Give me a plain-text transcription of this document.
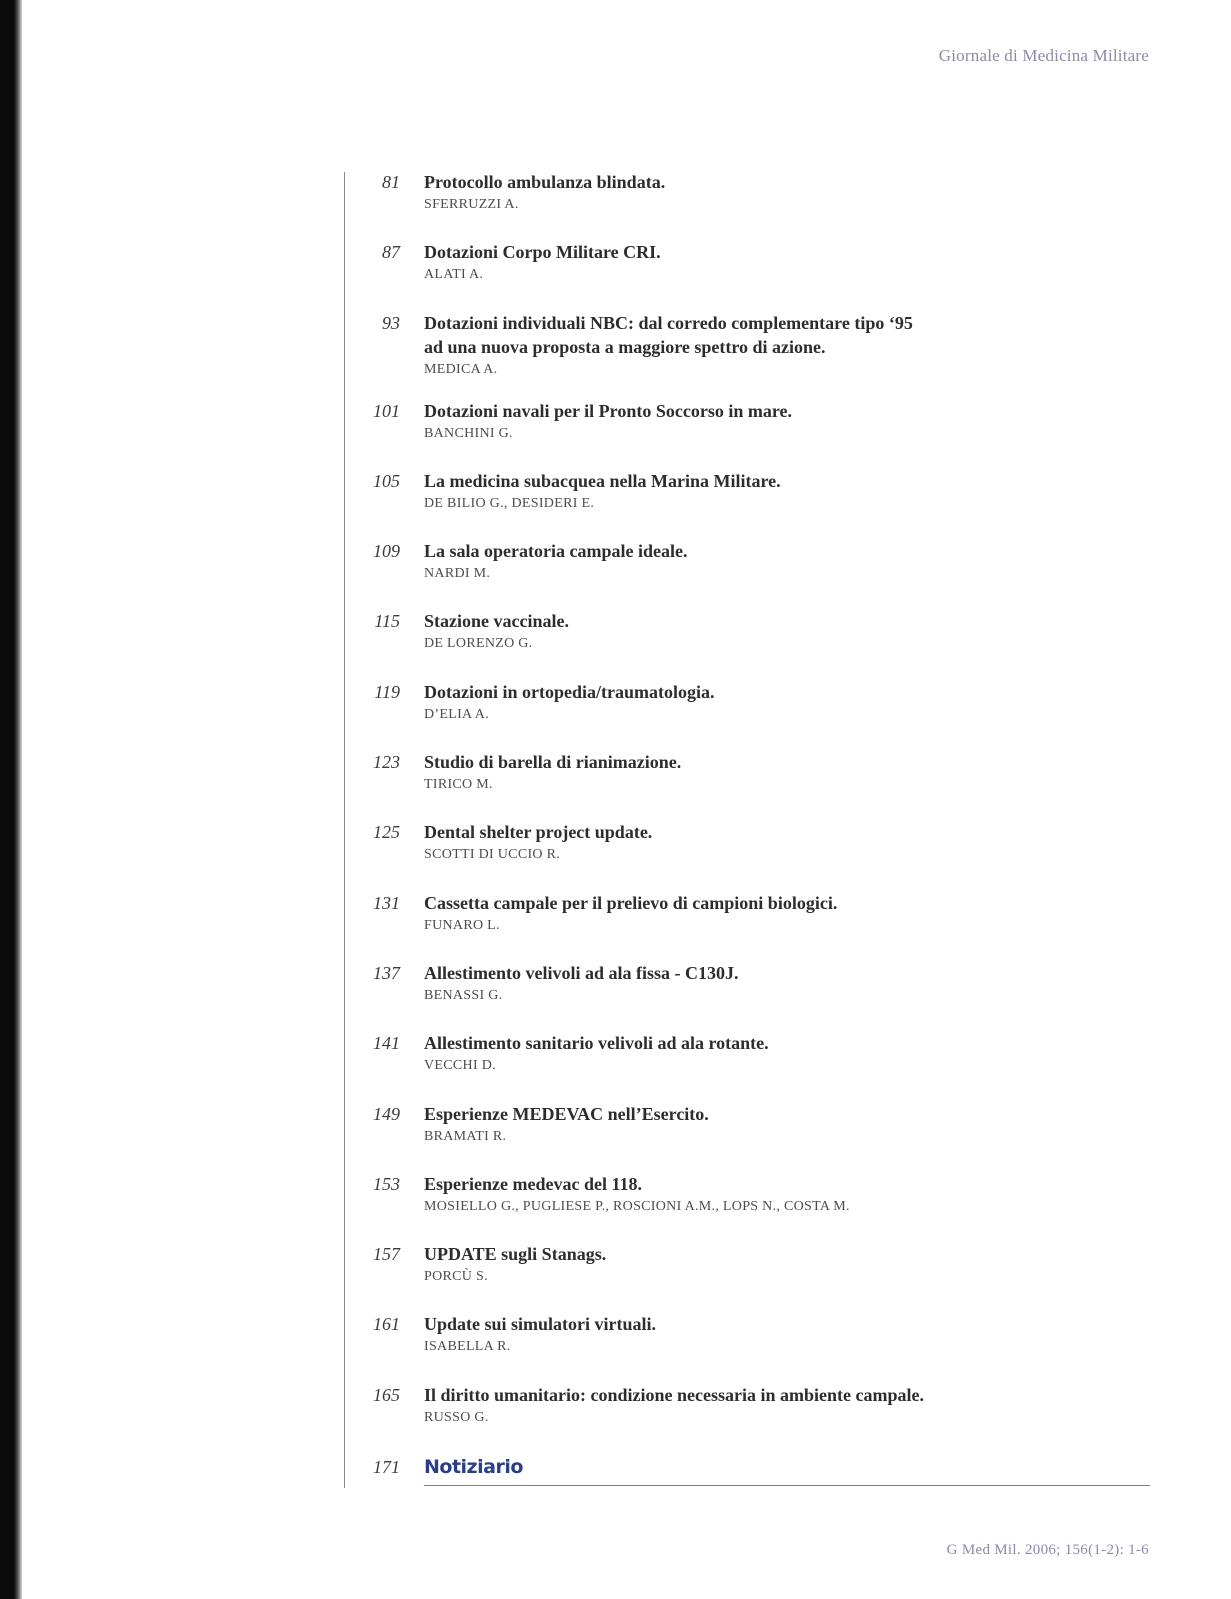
Giornale di Medicina Militare
81 Protocollo ambulanza blindata.
SFERRUZZI A.
87 Dotazioni Corpo Militare CRI.
ALATI A.
93 Dotazioni individuali NBC: dal corredo complementare tipo ‘95
ad una nuova proposta a maggiore spettro di azione.
MEDICA A.
101 Dotazioni navali per il Pronto Soccorso in mare.
BANCHINI G.
105 La medicina subacquea nella Marina Militare.
DE BILIO G., DESIDERI E.
109 La sala operatoria campale ideale.
NARDI M.
115 Stazione vaccinale.
DE LORENZO G.
119 Dotazioni in ortopedia/traumatologia.
D’ELIA A.
123 Studio di barella di rianimazione.
TIRICO M.
125 Dental shelter project update.
SCOTTI DI UCCIO R.
131 Cassetta campale per il prelievo di campioni biologici.
FUNARO L.
137 Allestimento velivoli ad ala fissa - C130J.
BENASSI G.
141 Allestimento sanitario velivoli ad ala rotante.
VECCHI D.
149 Esperienze MEDEVAC nell’Esercito.
BRAMATI R.
153 Esperienze medevac del 118.
MOSIELLO G., PUGLIESE P., ROSCIONI A.M., LOPS N., COSTA M.
157 UPDATE sugli Stanags.
PORCÙ S.
161 Update sui simulatori virtuali.
ISABELLA R.
165 Il diritto umanitario: condizione necessaria in ambiente campale.
RUSSO G.
171 Notiziario
G Med Mil. 2006; 156(1-2): 1-6
